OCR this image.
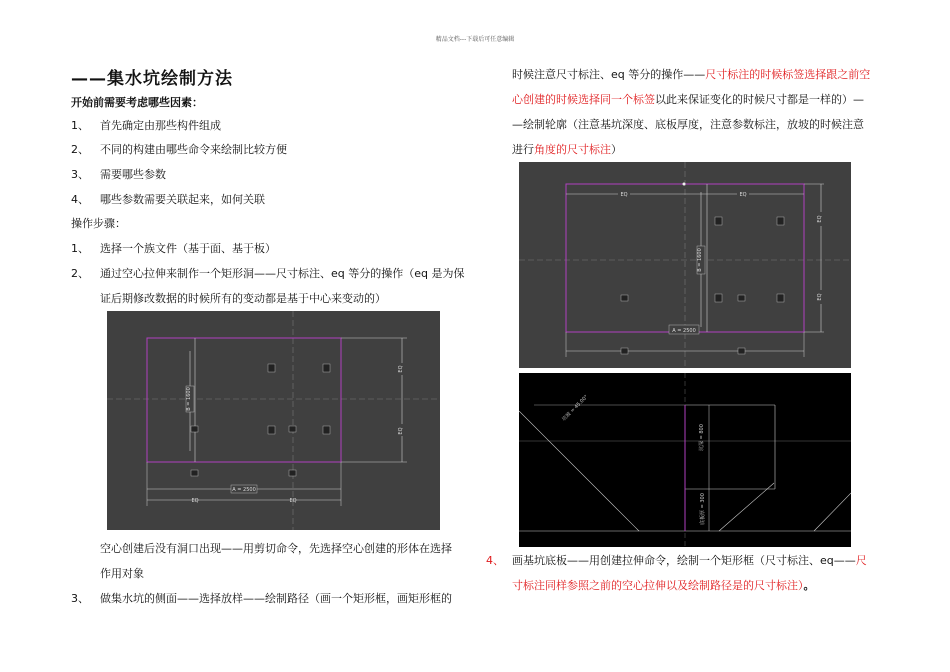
精品文档---下载后可任意编辑
——集水坑绘制方法
开始前需要考虑哪些因素：
1、 首先确定由那些构件组成
2、 不同的构建由哪些命令来绘制比较方便
3、 需要哪些参数
4、 哪些参数需要关联起来，如何关联
操作步骤：
1、 选择一个族文件（基于面、基于板）
2、 通过空心拉伸来制作一个矩形洞——尺寸标注、eq 等分的操作（eq 是为保
证后期修改数据的时候所有的变动都是基于中心来变动的）
EQ
EQ
B = 1600
A = 2500
EQ	EQ
空心创建后没有洞口出现——用剪切命令，先选择空心创建的形体在选择
作用对象
3、 做集水坑的侧面——选择放样——绘制路径（画一个矩形框，画矩形框的
时候注意尺寸标注、eq 等分的操作——尺寸标注的时候标签选择跟之前空
心创建的时候选择同一个标签以此来保证变化的时候尺寸都是一样的）—
—绘制轮廓（注意基坑深度、底板厚度，注意参数标注，放坡的时候注意
进行角度的尺寸标注）
EQ	EQ
EQ
EQ
B = 1600
A = 2500
坑坡 = 45.00°
坑深 = 800
底板厚 = 300
4、 画基坑底板——用创建拉伸命令，绘制一个矩形框（尺寸标注、eq——尺
寸标注同样参照之前的空心拉伸以及绘制路径是的尺寸标注）。
